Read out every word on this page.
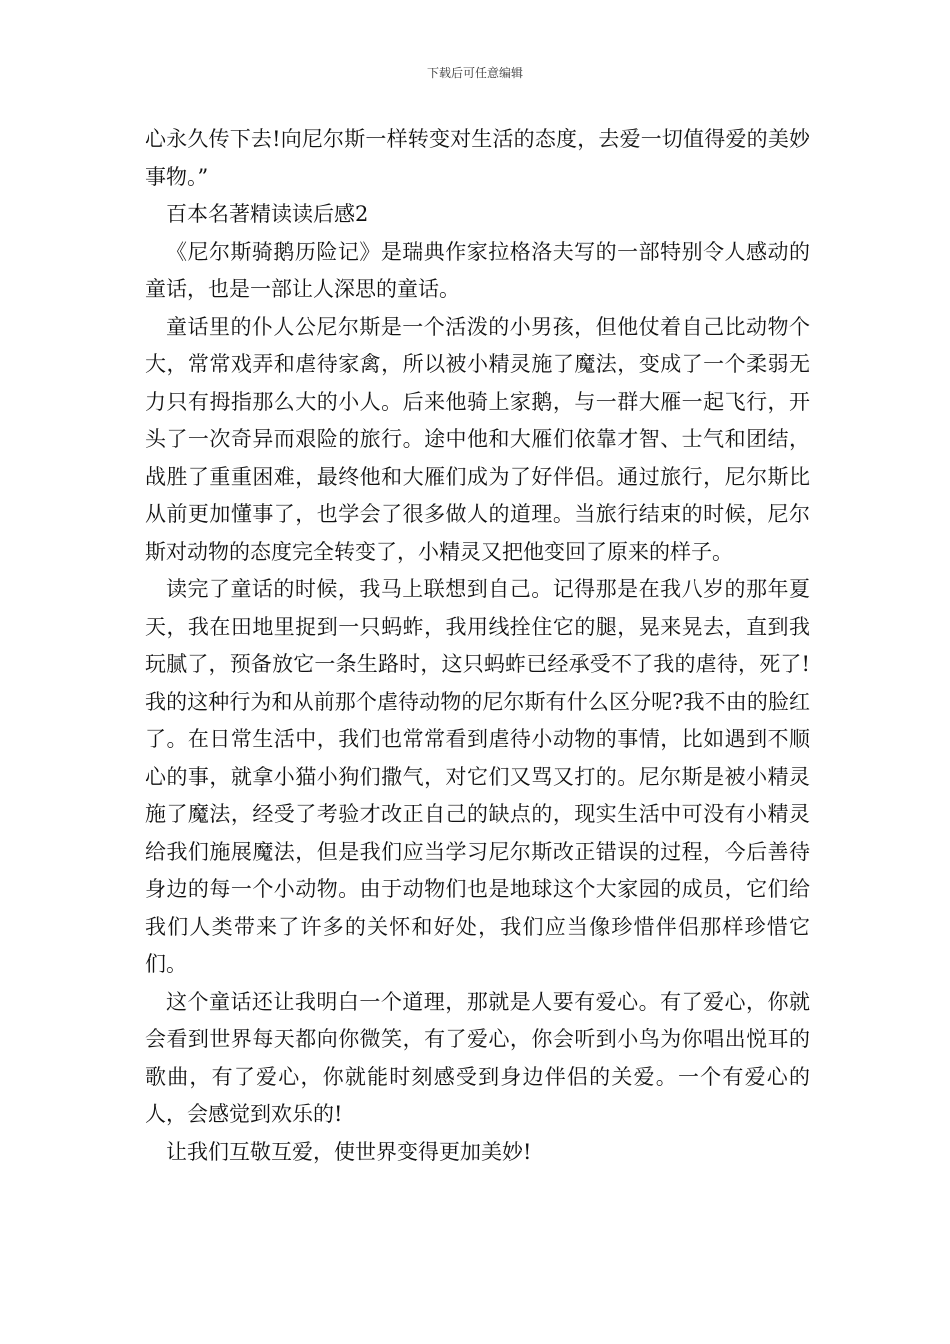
下载后可任意编辑

心永久传下去!向尼尔斯一样转变对生活的态度，去爱一切值得爱的美妙事物。”

百本名著精读读后感2

《尼尔斯骑鹅历险记》是瑞典作家拉格洛夫写的一部特别令人感动的童话，也是一部让人深思的童话。

童话里的仆人公尼尔斯是一个活泼的小男孩，但他仗着自己比动物个大，常常戏弄和虐待家禽，所以被小精灵施了魔法，变成了一个柔弱无力只有拇指那么大的小人。后来他骑上家鹅，与一群大雁一起飞行，开头了一次奇异而艰险的旅行。途中他和大雁们依靠才智、士气和团结，战胜了重重困难，最终他和大雁们成为了好伴侣。通过旅行，尼尔斯比从前更加懂事了，也学会了很多做人的道理。当旅行结束的时候，尼尔斯对动物的态度完全转变了，小精灵又把他变回了原来的样子。

读完了童话的时候，我马上联想到自己。记得那是在我八岁的那年夏天，我在田地里捉到一只蚂蚱，我用线拴住它的腿，晃来晃去，直到我玩腻了，预备放它一条生路时，这只蚂蚱已经承受不了我的虐待，死了!我的这种行为和从前那个虐待动物的尼尔斯有什么区分呢?我不由的脸红了。在日常生活中，我们也常常看到虐待小动物的事情，比如遇到不顺心的事，就拿小猫小狗们撒气，对它们又骂又打的。尼尔斯是被小精灵施了魔法，经受了考验才改正自己的缺点的，现实生活中可没有小精灵给我们施展魔法，但是我们应当学习尼尔斯改正错误的过程，今后善待身边的每一个小动物。由于动物们也是地球这个大家园的成员，它们给我们人类带来了许多的关怀和好处，我们应当像珍惜伴侣那样珍惜它们。

这个童话还让我明白一个道理，那就是人要有爱心。有了爱心，你就会看到世界每天都向你微笑，有了爱心，你会听到小鸟为你唱出悦耳的歌曲，有了爱心，你就能时刻感受到身边伴侣的关爱。一个有爱心的人，会感觉到欢乐的!

让我们互敬互爱，使世界变得更加美妙!
